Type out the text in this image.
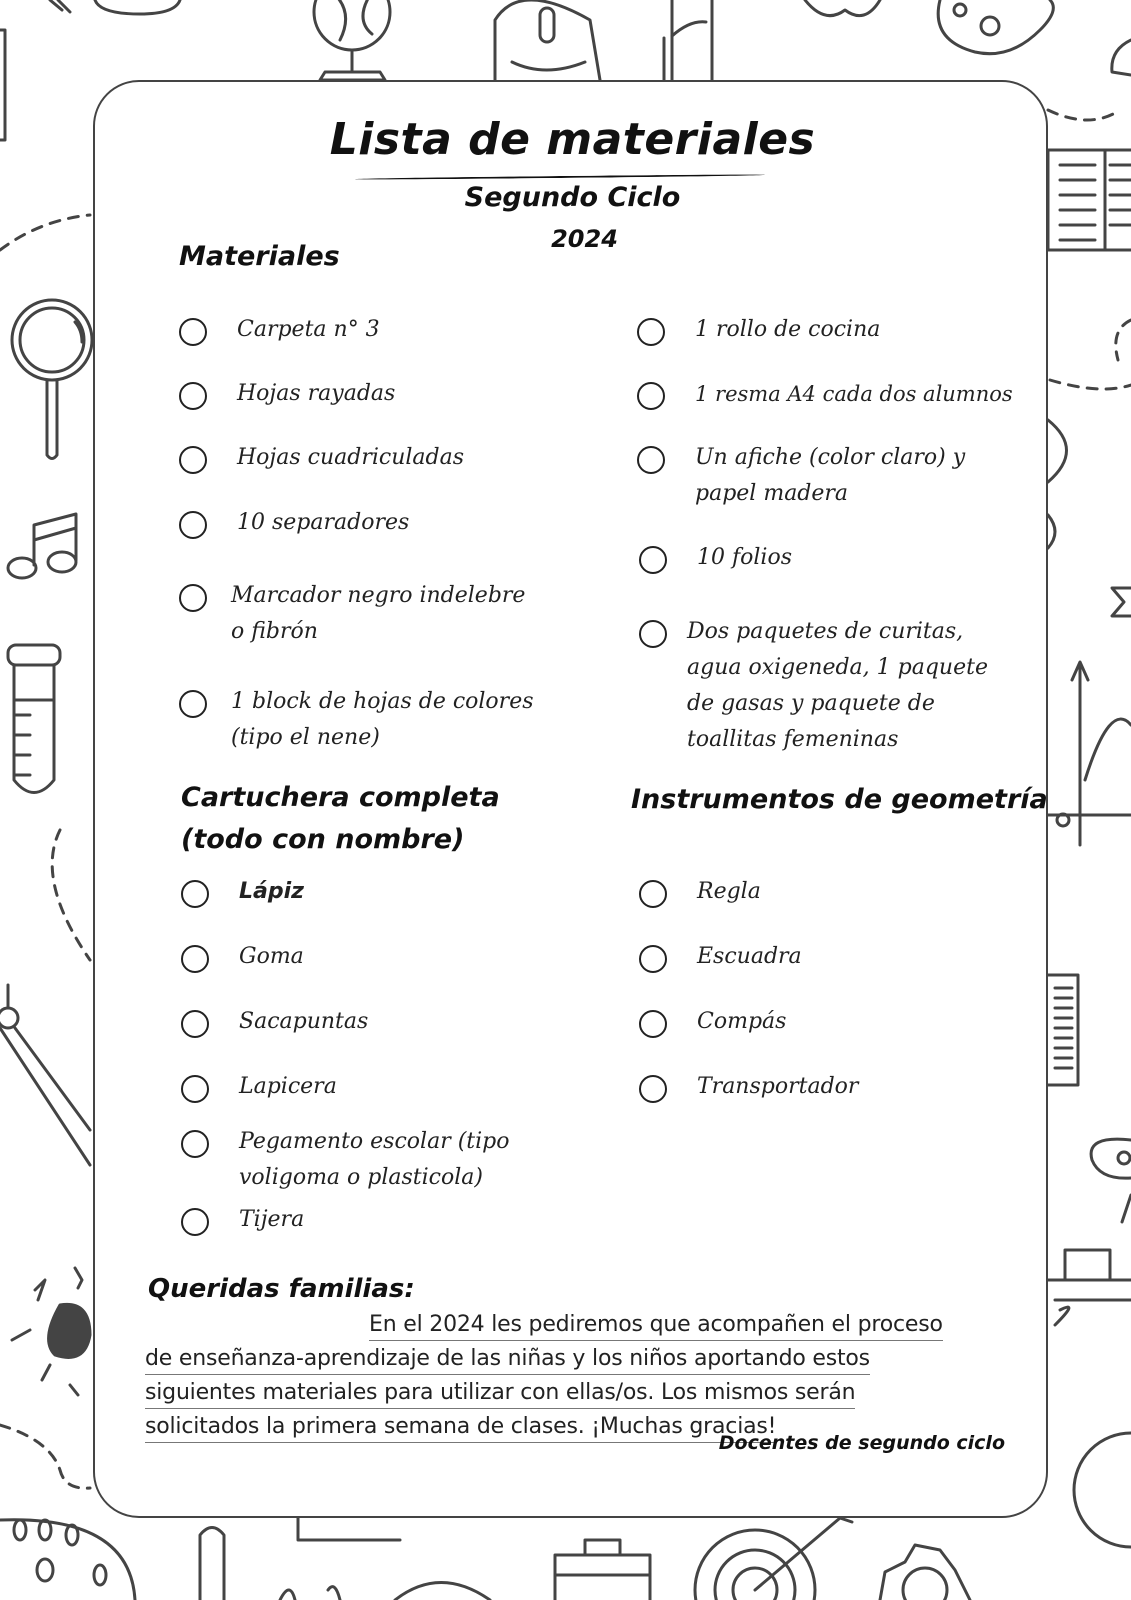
Lista de materiales
Segundo Ciclo
2024
Materiales
Carpeta n° 3
Hojas rayadas
Hojas cuadriculadas
10 separadores
Marcador negro indelebre o fibrón
1 block de hojas de colores (tipo el nene)
1 rollo de cocina
1 resma A4 cada dos alumnos
Un afiche (color claro) y papel madera
10 folios
Dos paquetes de curitas, agua oxigeneda, 1 paquete de gasas y paquete de toallitas femeninas
Cartuchera completa (todo con nombre)
Lápiz
Goma
Sacapuntas
Lapicera
Pegamento escolar (tipo voligoma o plasticola)
Tijera
Instrumentos de geometría
Regla
Escuadra
Compás
Transportador
Queridas familias:
En el 2024 les pediremos que acompañen el proceso
de enseñanza-aprendizaje de las niñas y los niños aportando estos
siguientes materiales para utilizar con ellas/os. Los mismos serán
solicitados la primera semana de clases. ¡Muchas gracias!
Docentes de segundo ciclo
